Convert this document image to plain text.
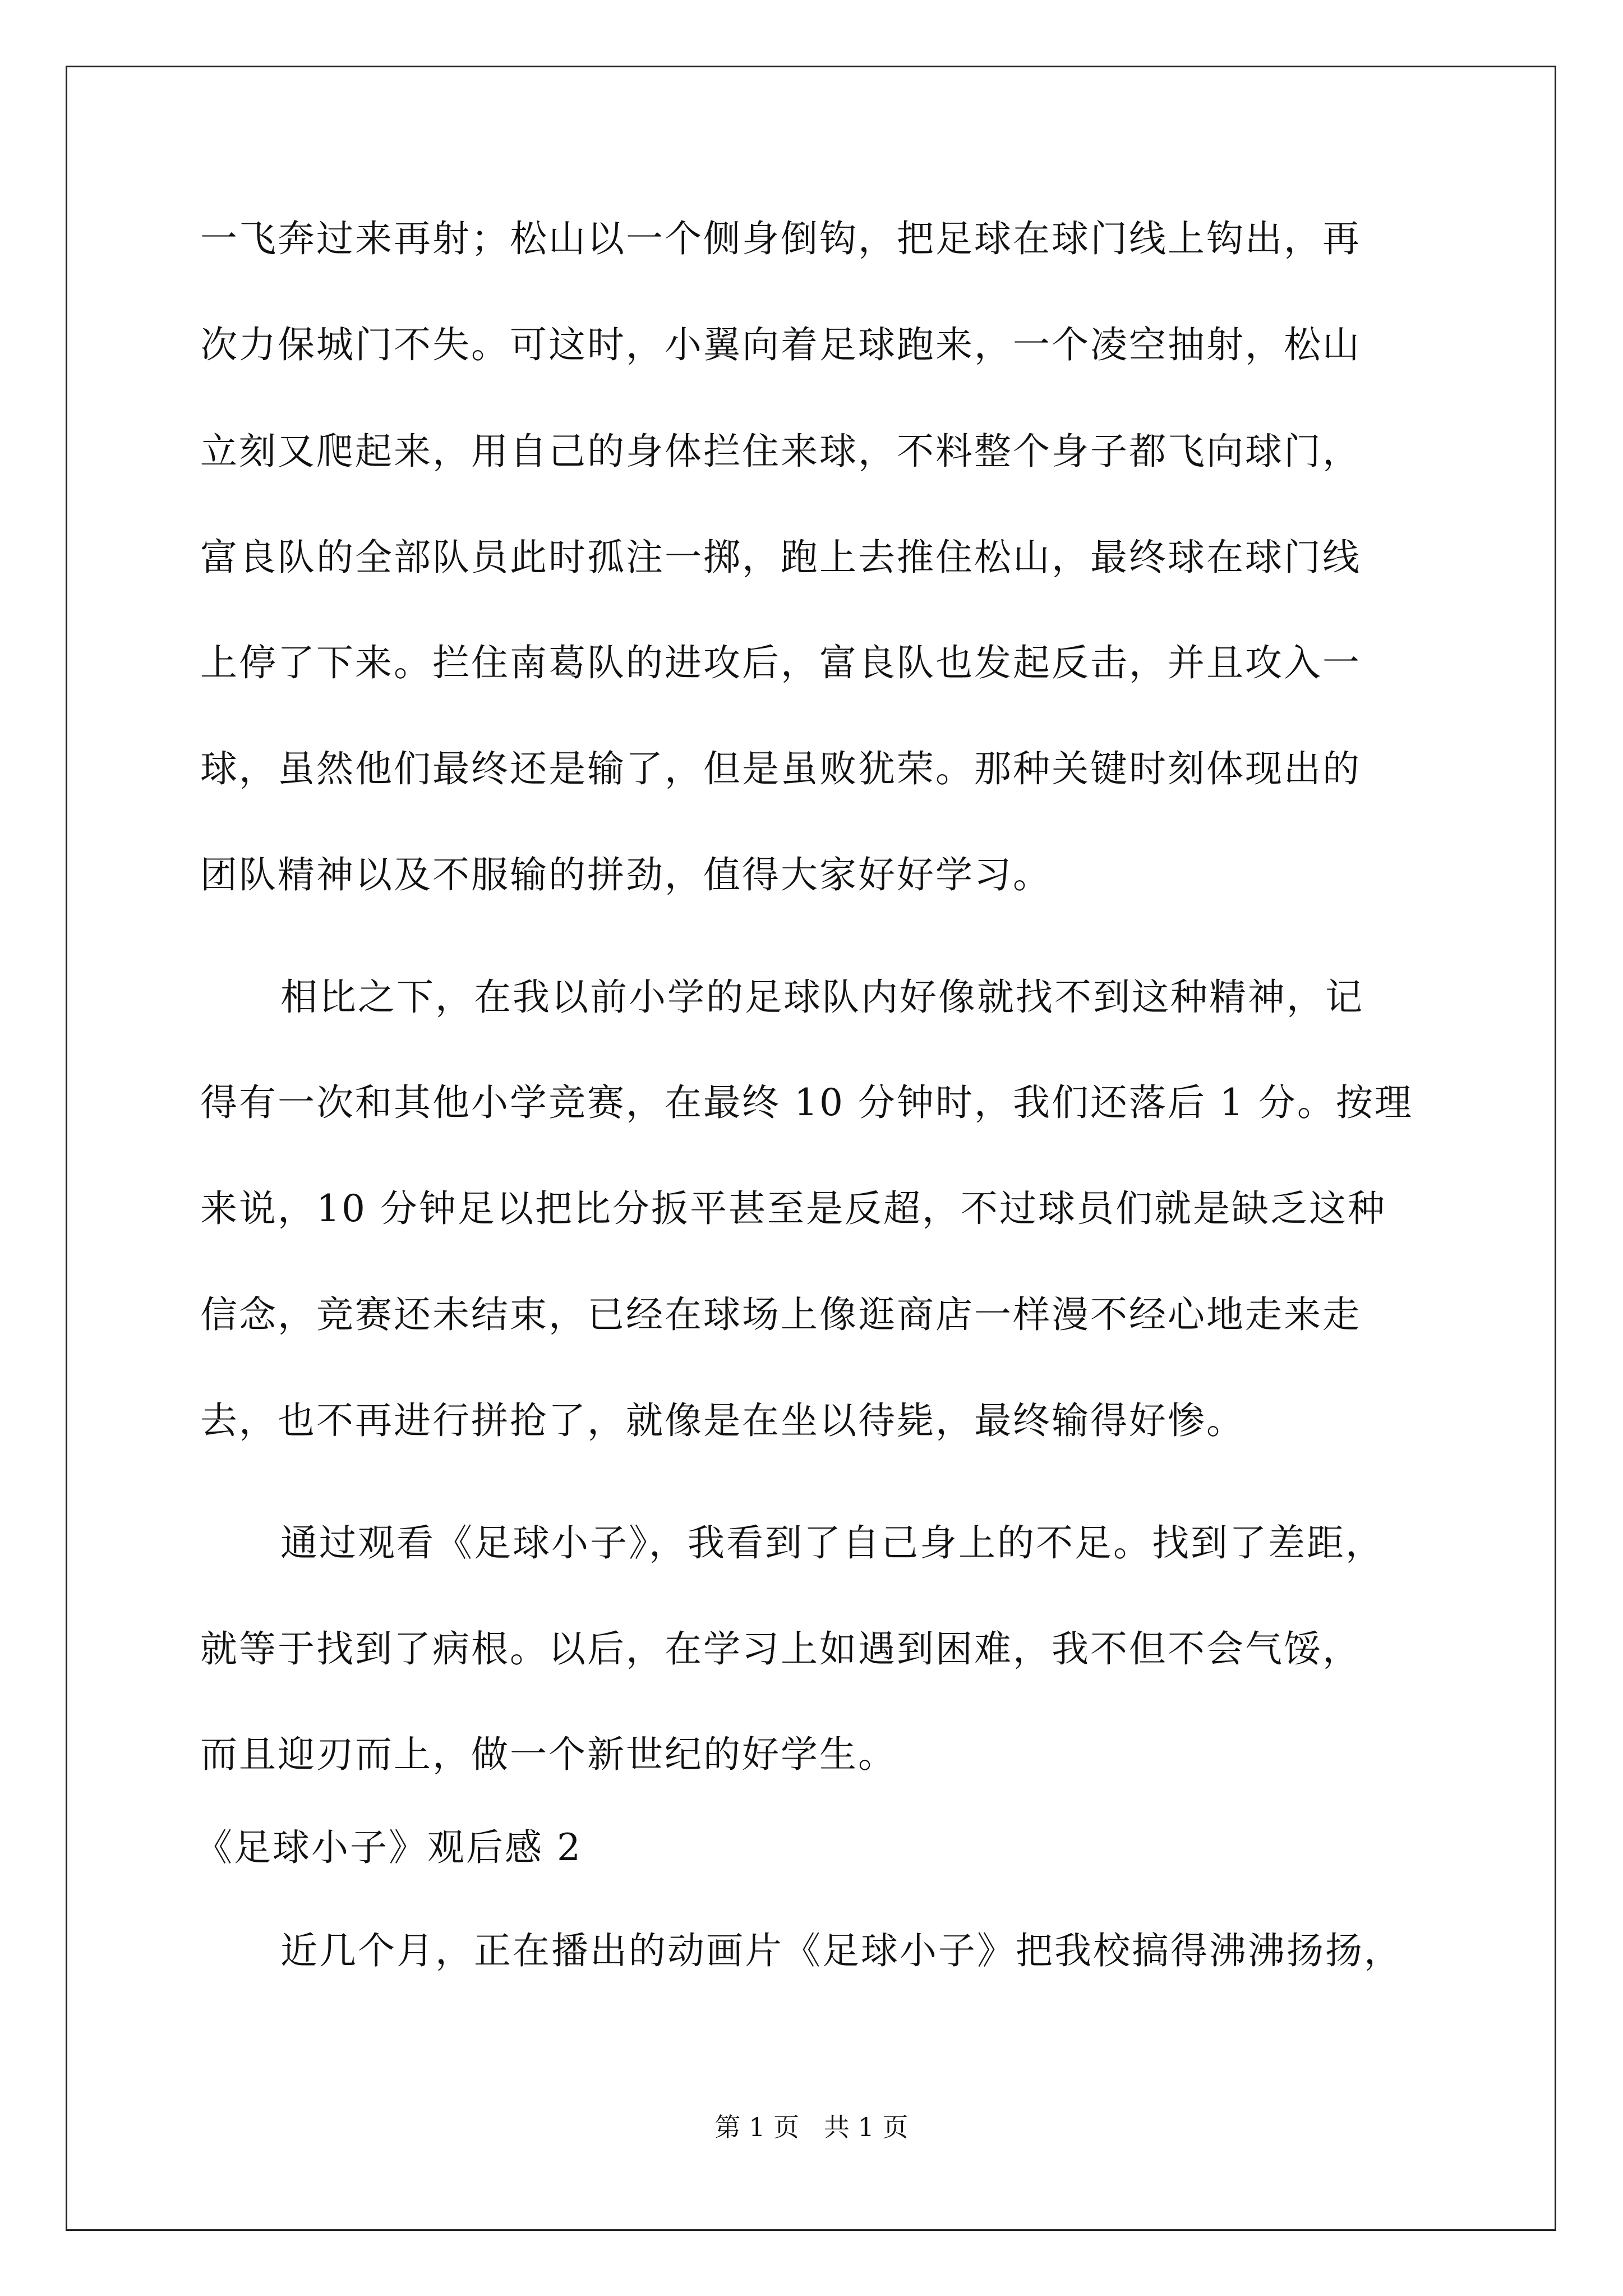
一飞奔过来再射；松山以一个侧身倒钩，把足球在球门线上钩出，再
次力保城门不失。可这时，小翼向着足球跑来，一个凌空抽射，松山
立刻又爬起来，用自己的身体拦住来球，不料整个身子都飞向球门，
富良队的全部队员此时孤注一掷，跑上去推住松山，最终球在球门线
上停了下来。拦住南葛队的进攻后，富良队也发起反击，并且攻入一
球，虽然他们最终还是输了，但是虽败犹荣。那种关键时刻体现出的
团队精神以及不服输的拼劲，值得大家好好学习。
相比之下，在我以前小学的足球队内好像就找不到这种精神，记
得有一次和其他小学竞赛，在最终 10 分钟时，我们还落后 1 分。按理
来说，10 分钟足以把比分扳平甚至是反超，不过球员们就是缺乏这种
信念，竞赛还未结束，已经在球场上像逛商店一样漫不经心地走来走
去，也不再进行拼抢了，就像是在坐以待毙，最终输得好惨。
通过观看《足球小子》，我看到了自己身上的不足。找到了差距，
就等于找到了病根。以后，在学习上如遇到困难，我不但不会气馁，
而且迎刃而上，做一个新世纪的好学生。
《足球小子》观后感 2
近几个月，正在播出的动画片《足球小子》把我校搞得沸沸扬扬，
第 1 页   共 1 页
